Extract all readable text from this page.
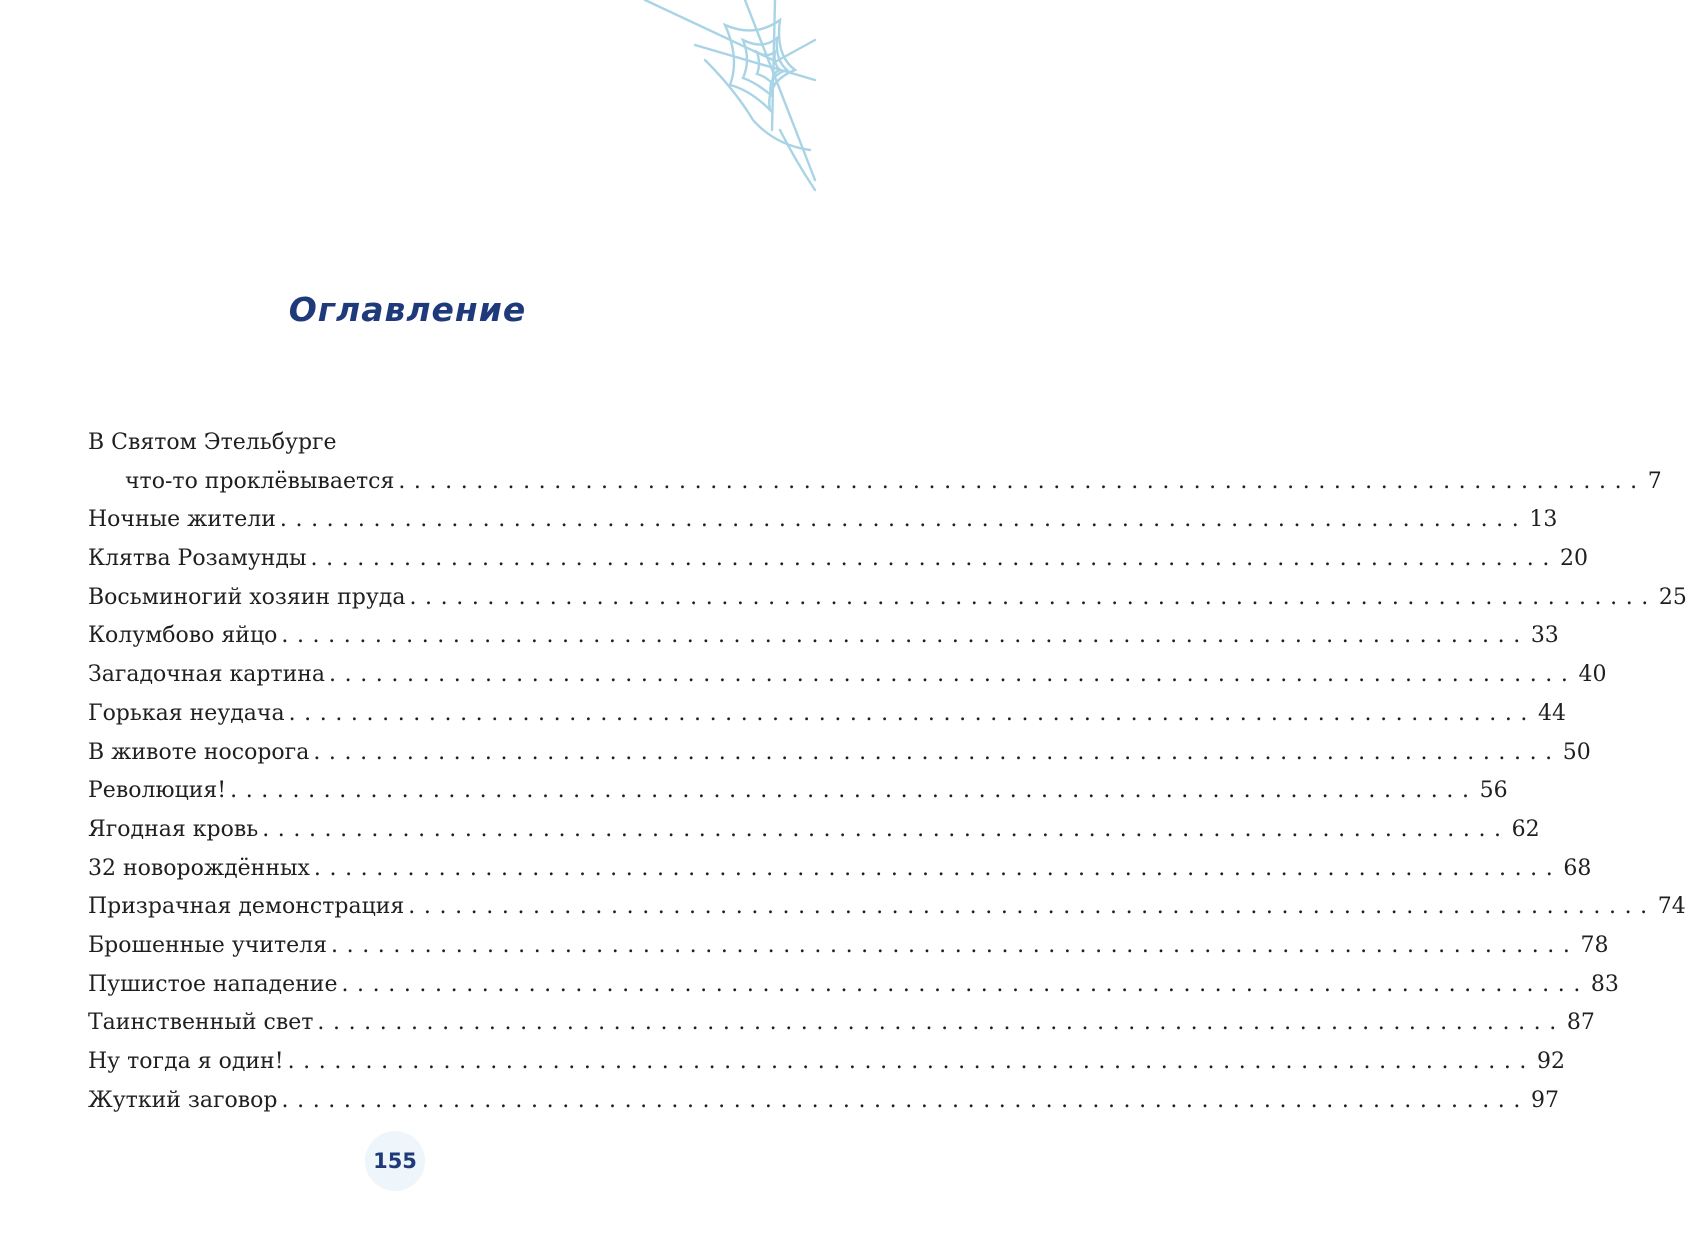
Оглавление
В Святом Этельбурге
что-то проклёвывается ................................................................................ 7
Ночные жители ................................................................................ 13
Клятва Розамунды ................................................................................ 20
Восьминогий хозяин пруда ................................................................................ 25
Колумбово яйцо ................................................................................ 33
Загадочная картина ................................................................................ 40
Горькая неудача ................................................................................ 44
В животе носорога ................................................................................ 50
Революция! ................................................................................ 56
Ягодная кровь ................................................................................ 62
32 новорождённых ................................................................................ 68
Призрачная демонстрация ................................................................................ 74
Брошенные учителя ................................................................................ 78
Пушистое нападение ................................................................................ 83
Таинственный свет ................................................................................ 87
Ну тогда я один! ................................................................................ 92
Жуткий заговор ................................................................................ 97
155
